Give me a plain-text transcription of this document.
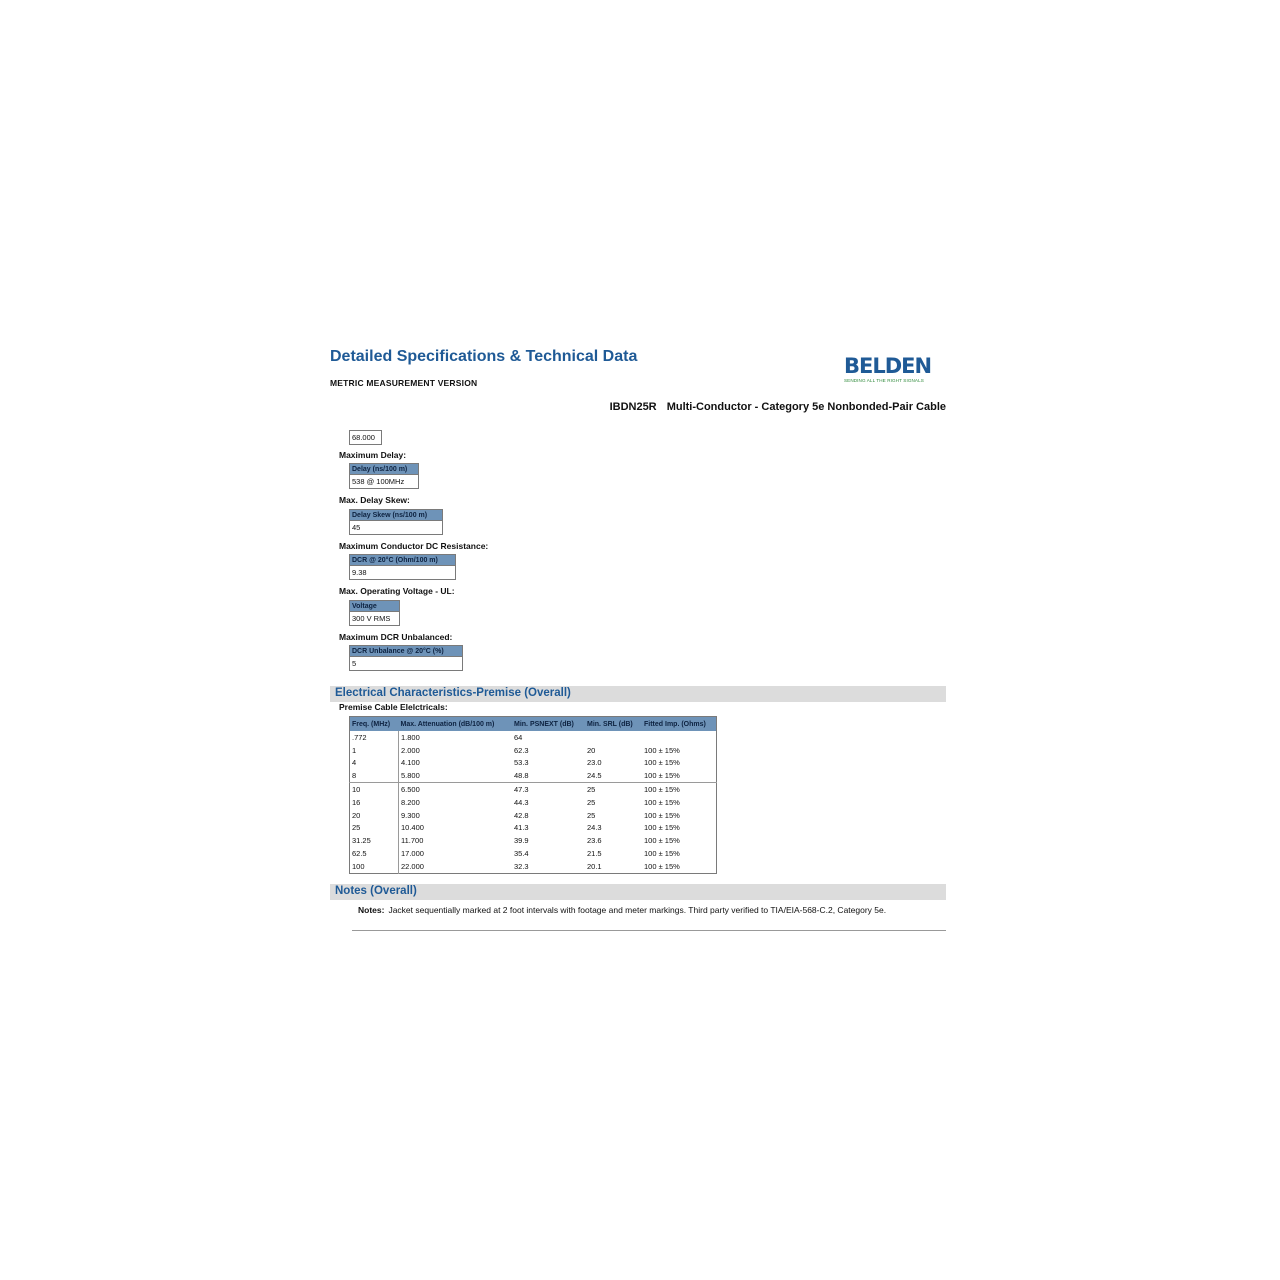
Detailed Specifications & Technical Data
METRIC MEASUREMENT VERSION
BELDEN
SENDING ALL THE RIGHT SIGNALS
IBDN25R Multi-Conductor - Category 5e Nonbonded-Pair Cable
68.000
Maximum Delay:
Delay (ns/100 m)
538 @ 100MHz
Max. Delay Skew:
Delay Skew (ns/100 m)
45
Maximum Conductor DC Resistance:
DCR @ 20°C (Ohm/100 m)
9.38
Max. Operating Voltage - UL:
Voltage
300 V RMS
Maximum DCR Unbalanced:
DCR Unbalance @ 20°C (%)
5
Electrical Characteristics-Premise (Overall)
Premise Cable Elelctricals:
Freq. (MHz)	Max. Attenuation (dB/100 m)	Min. PSNEXT (dB)	Min. SRL (dB)	Fitted Imp. (Ohms)
.772	1.800	64		
1	2.000	62.3	20	100 ± 15%
4	4.100	53.3	23.0	100 ± 15%
8	5.800	48.8	24.5	100 ± 15%
10	6.500	47.3	25	100 ± 15%
16	8.200	44.3	25	100 ± 15%
20	9.300	42.8	25	100 ± 15%
25	10.400	41.3	24.3	100 ± 15%
31.25	11.700	39.9	23.6	100 ± 15%
62.5	17.000	35.4	21.5	100 ± 15%
100	22.000	32.3	20.1	100 ± 15%
Notes (Overall)
Notes: Jacket sequentially marked at 2 foot intervals with footage and meter markings. Third party verified to TIA/EIA-568-C.2, Category 5e.
